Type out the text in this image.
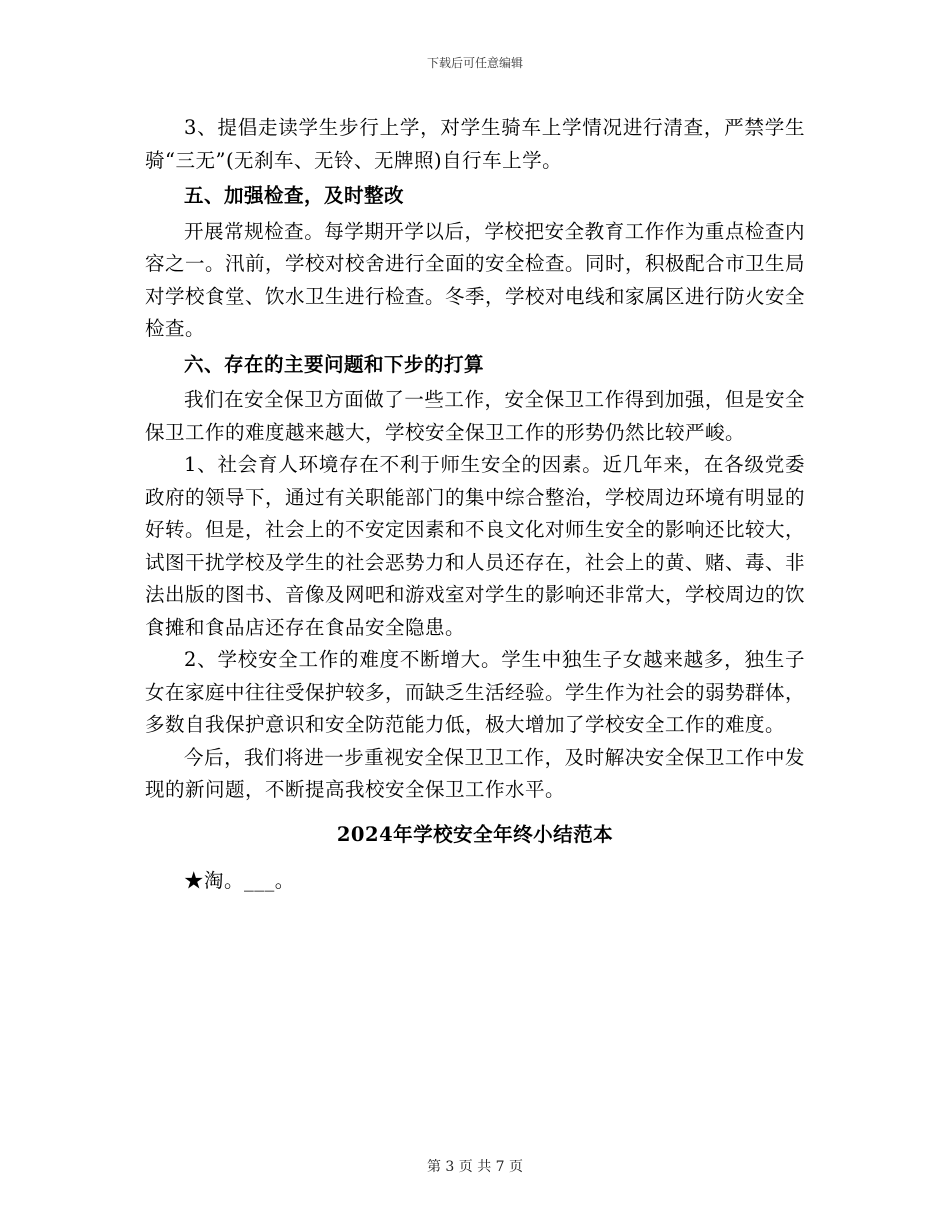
下载后可任意编辑

3、提倡走读学生步行上学，对学生骑车上学情况进行清查，严禁学生骑“三无”(无刹车、无铃、无牌照)自行车上学。

五、加强检查，及时整改

开展常规检查。每学期开学以后，学校把安全教育工作作为重点检查内容之一。汛前，学校对校舍进行全面的安全检查。同时，积极配合市卫生局对学校食堂、饮水卫生进行检查。冬季，学校对电线和家属区进行防火安全检查。

六、存在的主要问题和下步的打算

我们在安全保卫方面做了一些工作，安全保卫工作得到加强，但是安全保卫工作的难度越来越大，学校安全保卫工作的形势仍然比较严峻。

1、社会育人环境存在不利于师生安全的因素。近几年来，在各级党委政府的领导下，通过有关职能部门的集中综合整治，学校周边环境有明显的好转。但是，社会上的不安定因素和不良文化对师生安全的影响还比较大，试图干扰学校及学生的社会恶势力和人员还存在，社会上的黄、赌、毒、非法出版的图书、音像及网吧和游戏室对学生的影响还非常大，学校周边的饮食摊和食品店还存在食品安全隐患。

2、学校安全工作的难度不断增大。学生中独生子女越来越多，独生子女在家庭中往往受保护较多，而缺乏生活经验。学生作为社会的弱势群体，多数自我保护意识和安全防范能力低，极大增加了学校安全工作的难度。

今后，我们将进一步重视安全保卫卫工作，及时解决安全保卫工作中发现的新问题，不断提高我校安全保卫工作水平。

2024年学校安全年终小结范本

★淘。___。

第 3 页 共 7 页
